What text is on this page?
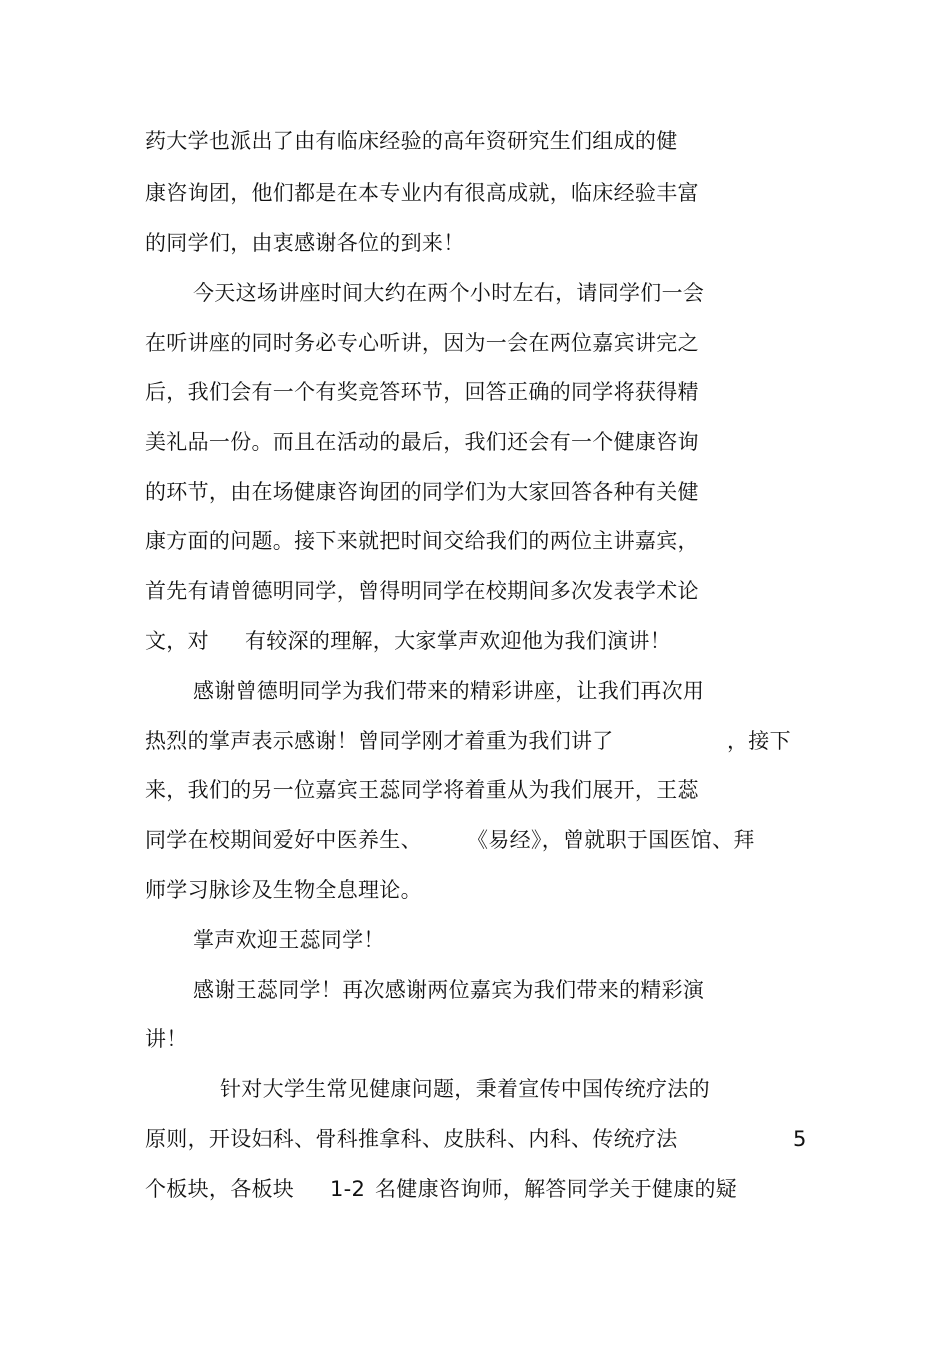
药大学也派出了由有临床经验的高年资研究生们组成的健
康咨询团，他们都是在本专业内有很高成就，临床经验丰富
的同学们，由衷感谢各位的到来！
今天这场讲座时间大约在两个小时左右，请同学们一会
在听讲座的同时务必专心听讲，因为一会在两位嘉宾讲完之
后，我们会有一个有奖竞答环节，回答正确的同学将获得精
美礼品一份。而且在活动的最后，我们还会有一个健康咨询
的环节，由在场健康咨询团的同学们为大家回答各种有关健
康方面的问题。接下来就把时间交给我们的两位主讲嘉宾，
首先有请曾德明同学，曾得明同学在校期间多次发表学术论
文，对 有较深的理解，大家掌声欢迎他为我们演讲！
感谢曾德明同学为我们带来的精彩讲座，让我们再次用
热烈的掌声表示感谢！曾同学刚才着重为我们讲了	，接下
来，我们的另一位嘉宾王蕊同学将着重从为我们展开，王蕊
同学在校期间爱好中医养生、 《易经》，曾就职于国医馆、拜
师学习脉诊及生物全息理论。
掌声欢迎王蕊同学！
感谢王蕊同学！再次感谢两位嘉宾为我们带来的精彩演
讲！
针对大学生常见健康问题，秉着宣传中国传统疗法的
原则，开设妇科、骨科推拿科、皮肤科、内科、传统疗法	5
个板块，各板块 1-2 名健康咨询师，解答同学关于健康的疑
